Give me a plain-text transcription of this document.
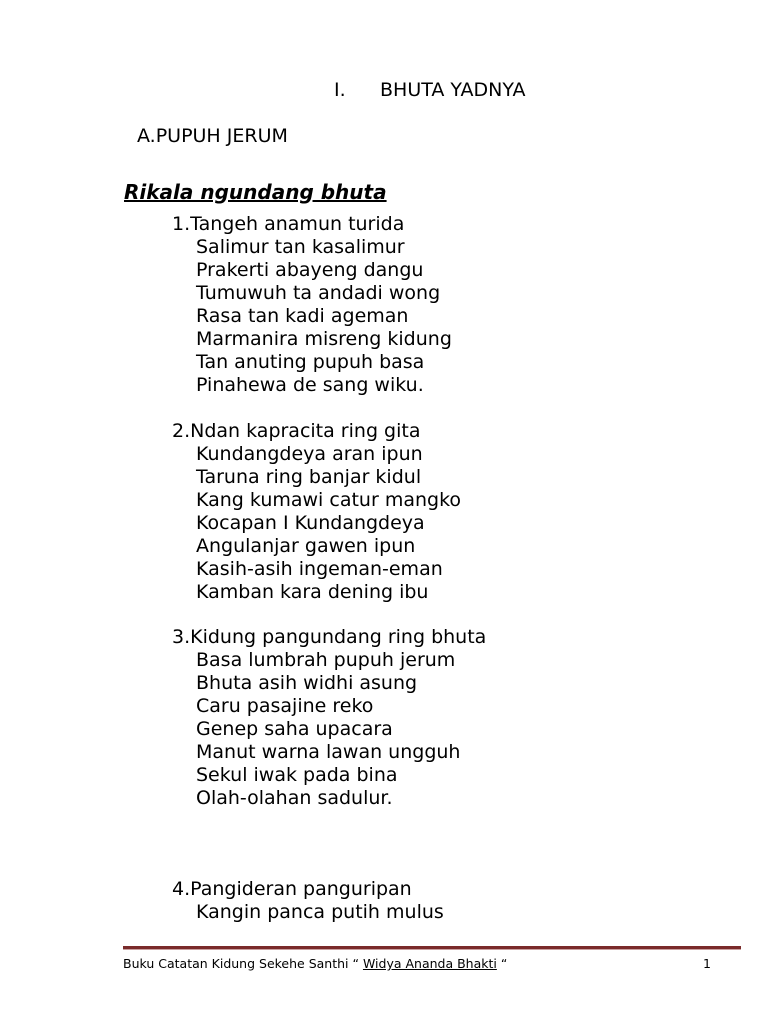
I. BHUTA YADNYA
A.PUPUH JERUM
Rikala ngundang bhuta
1.Tangeh anamun turida
Salimur tan kasalimur
Prakerti abayeng dangu
Tumuwuh ta andadi wong
Rasa tan kadi ageman
Marmanira misreng kidung
Tan anuting pupuh basa
Pinahewa de sang wiku.
2.Ndan kapracita ring gita
Kundangdeya aran ipun
Taruna ring banjar kidul
Kang kumawi catur mangko
Kocapan I Kundangdeya
Angulanjar gawen ipun
Kasih-asih ingeman-eman
Kamban kara dening ibu
3.Kidung pangundang ring bhuta
Basa lumbrah pupuh jerum
Bhuta asih widhi asung
Caru pasajine reko
Genep saha upacara
Manut warna lawan ungguh
Sekul iwak pada bina
Olah-olahan sadulur.
4.Pangideran panguripan
Kangin panca putih mulus
Buku Catatan Kidung Sekehe Santhi “ Widya Ananda Bhakti “	1
